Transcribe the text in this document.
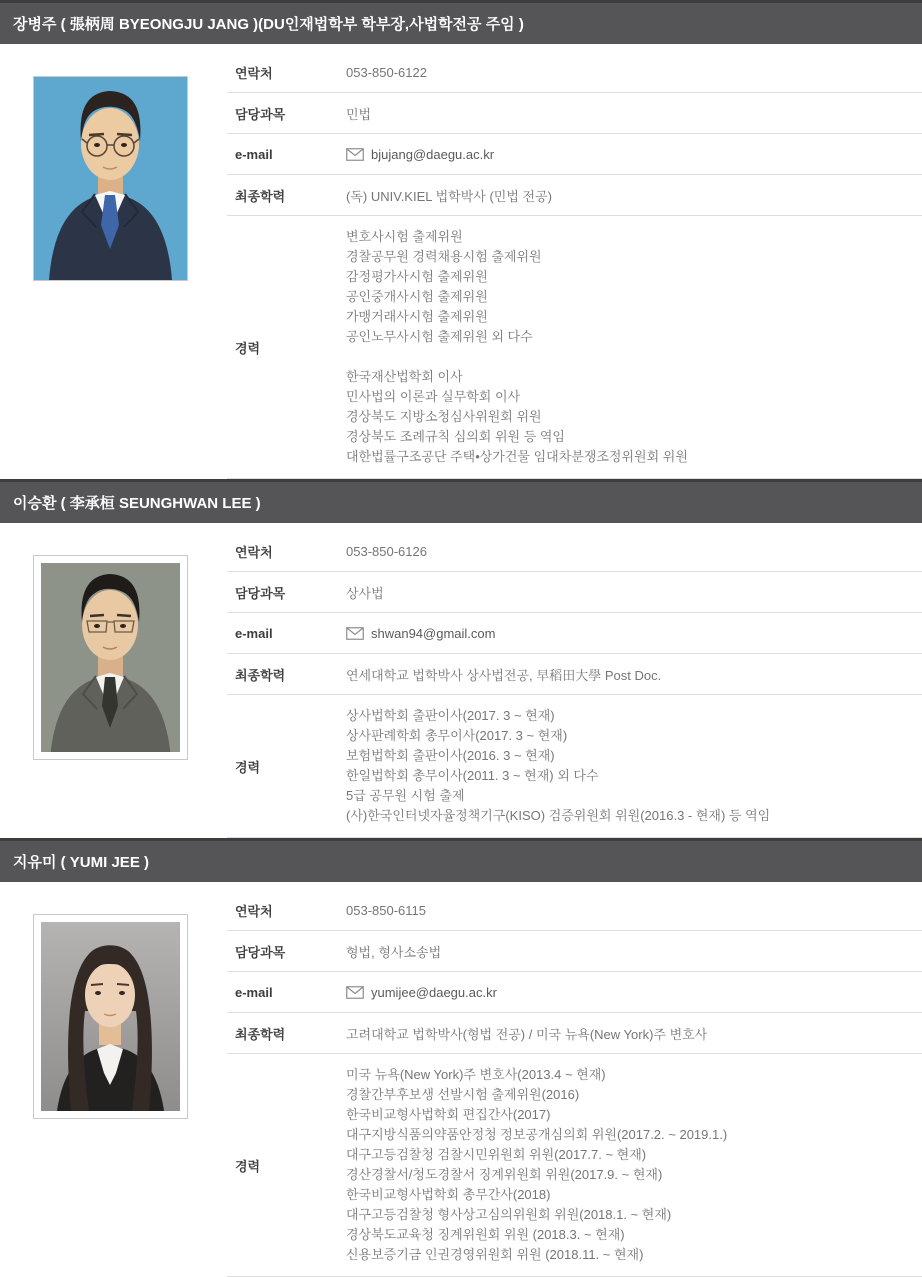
장병주 ( 張柄周 BYEONGJU JANG )(DU인재법학부 학부장,사법학전공 주임 )
연락처	053-850-6122
담당과목	민법
e-mail	bjujang@daegu.ac.kr
최종학력	(독) UNIV.KIEL 법학박사 (민법 전공)
경력
변호사시험 출제위원
경찰공무원 경력채용시험 출제위원
감정평가사시험 출제위원
공인중개사시험 출제위원
가맹거래사시험 출제위원
공인노무사시험 출제위원 외 다수

한국재산법학회 이사
민사법의 이론과 실무학회 이사
경상북도 지방소청심사위원회 위원
경상북도 조례규칙 심의회 위원 등 역임
대한법률구조공단 주택•상가건물 임대차분쟁조정위원회 위원
이승환 ( 李承桓 SEUNGHWAN LEE )
연락처	053-850-6126
담당과목	상사법
e-mail	shwan94@gmail.com
최종학력	연세대학교 법학박사 상사법전공, 早稻田大學 Post Doc.
경력
상사법학회 출판이사(2017. 3 ~ 현재)
상사판례학회 총무이사(2017. 3 ~ 현재)
보험법학회 출판이사(2016. 3 ~ 현재)
한일법학회 총무이사(2011. 3 ~ 현재) 외 다수
5급 공무원 시험 출제
(사)한국인터넷자율정책기구(KISO) 검증위원회 위원(2016.3 - 현재) 등 역임
지유미 ( YUMI JEE )
연락처	053-850-6115
담당과목	형법, 형사소송법
e-mail	yumijee@daegu.ac.kr
최종학력	고려대학교 법학박사(형법 전공) / 미국 뉴욕(New York)주 변호사
경력
미국 뉴욕(New York)주 변호사(2013.4 ~ 현재)
경찰간부후보생 선발시험 출제위원(2016)
한국비교형사법학회 편집간사(2017)
대구지방식품의약품안정청 정보공개심의회 위원(2017.2. ~ 2019.1.)
대구고등검찰청 검찰시민위원회 위원(2017.7. ~ 현재)
경산경찰서/청도경찰서 징계위원회 위원(2017.9. ~ 현재)
한국비교형사법학회 총무간사(2018)
대구고등검찰청 형사상고심의위원회 위원(2018.1. ~ 현재)
경상북도교육청 징계위원회 위원 (2018.3. ~ 현재)
신용보증기금 인권경영위원회 위원 (2018.11. ~ 현재)
